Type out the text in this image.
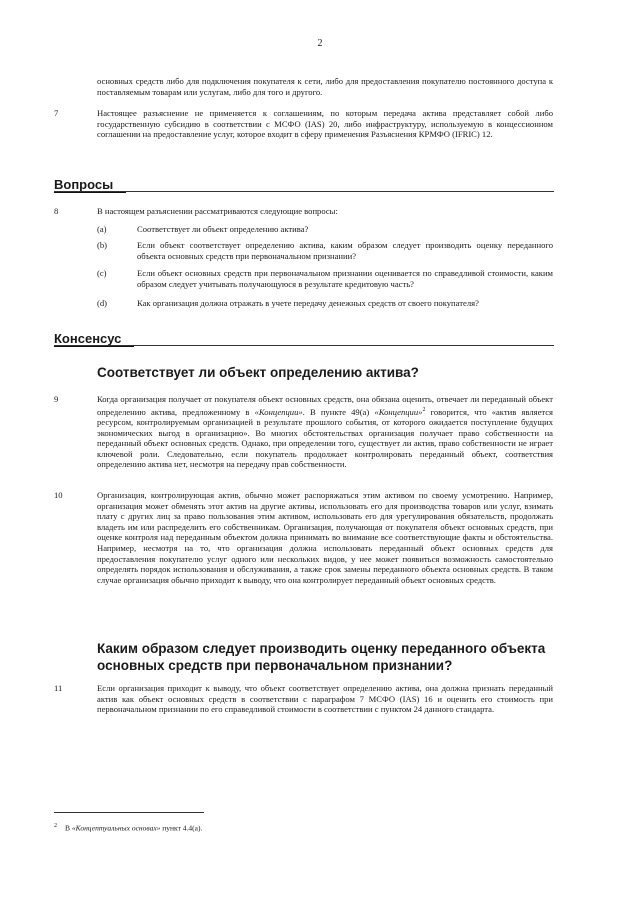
2
основных средств либо для подключения покупателя к сети, либо для предоставления покупателю постоянного доступа к поставляемым товарам или услугам, либо для того и другого.
7	Настоящее разъяснение не применяется к соглашениям, по которым передача актива представляет собой либо государственную субсидию в соответствии с МСФО (IAS) 20, либо инфраструктуру, используемую в концессионном соглашении на предоставление услуг, которое входит в сферу применения Разъяснения КРМФО (IFRIC) 12.
Вопросы
8	В настоящем разъяснении рассматриваются следующие вопросы:
(a)	Соответствует ли объект определению актива?
(b)	Если объект соответствует определению актива, каким образом следует производить оценку переданного объекта основных средств при первоначальном признании?
(c)	Если объект основных средств при первоначальном признании оценивается по справедливой стоимости, каким образом следует учитывать получающуюся в результате кредитовую часть?
(d)	Как организация должна отражать в учете передачу денежных средств от своего покупателя?
Консенсус
Соответствует ли объект определению актива?
9	Когда организация получает от покупателя объект основных средств, она обязана оценить, отвечает ли переданный объект определению актива, предложенному в «Концепции». В пункте 49(a) «Концепции»$^2$ говорится, что «актив является ресурсом, контролируемым организацией в результате прошлого события, от которого ожидается поступление будущих экономических выгод в организацию». Во многих обстоятельствах организация получает право собственности на переданный объект основных средств. Однако, при определении того, существует ли актив, право собственности не играет ключевой роли. Следовательно, если покупатель продолжает контролировать переданный объект, соответствия определению актива нет, несмотря на передачу прав собственности.
10	Организация, контролирующая актив, обычно может распоряжаться этим активом по своему усмотрению. Например, организация может обменять этот актив на другие активы, использовать его для производства товаров или услуг, взимать плату с других лиц за право пользования этим активом, использовать его для урегулирования обязательств, продолжать владеть им или распределить его собственникам. Организация, получающая от покупателя объект основных средств, при оценке контроля над переданным объектом должна принимать во внимание все соответствующие факты и обстоятельства. Например, несмотря на то, что организация должна использовать переданный объект основных средств для предоставления покупателю услуг одного или нескольких видов, у нее может появиться возможность самостоятельно определять порядок использования и обслуживания, а также срок замены переданного объекта основных средств. В таком случае организация обычно приходит к выводу, что она контролирует переданный объект основных средств.
Каким образом следует производить оценку переданного объекта основных средств при первоначальном признании?
11	Если организация приходит к выводу, что объект соответствует определению актива, она должна признать переданный актив как объект основных средств в соответствии с параграфом 7 МСФО (IAS) 16 и оценить его стоимость при первоначальном признании по его справедливой стоимости в соответствии с пунктом 24 данного стандарта.
$^2$ В «Концептуальных основах» пункт 4.4(a).
